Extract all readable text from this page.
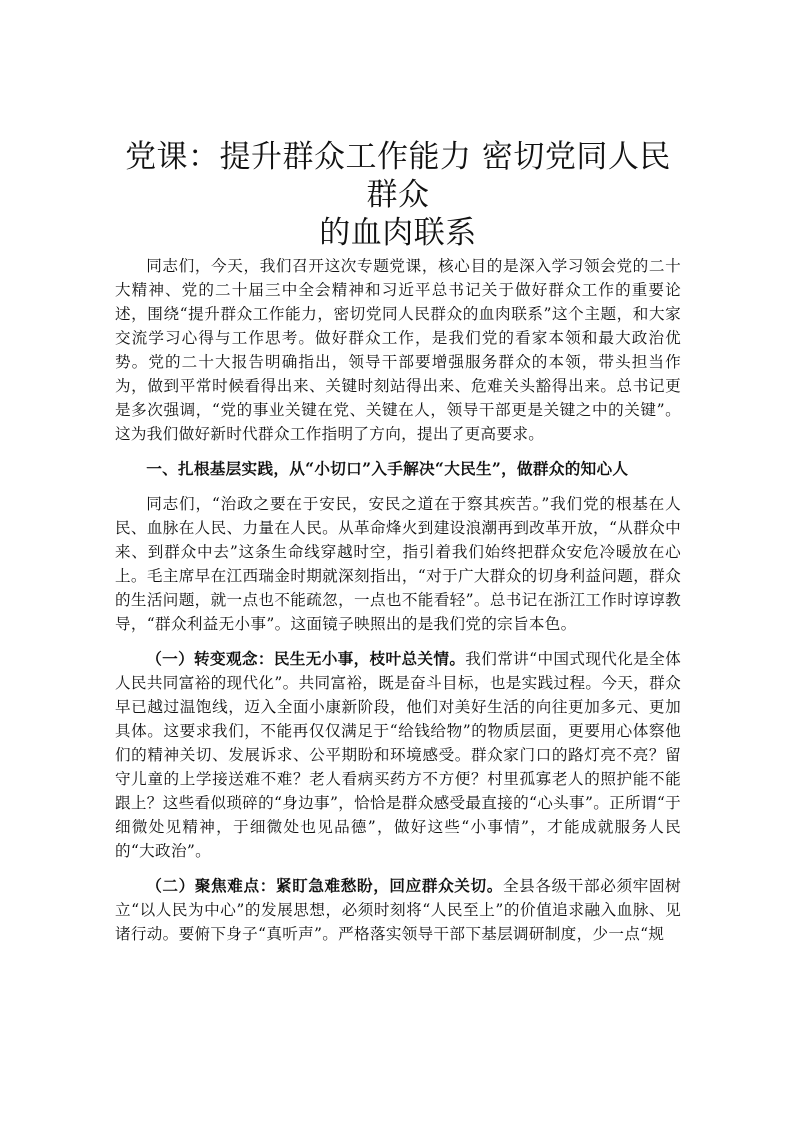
党课：提升群众工作能力 密切党同人民群众
的血肉联系

同志们，今天，我们召开这次专题党课，核心目的是深入学习领会党的二十大精神、党的二十届三中全会精神和习近平总书记关于做好群众工作的重要论述，围绕“提升群众工作能力，密切党同人民群众的血肉联系”这个主题，和大家交流学习心得与工作思考。做好群众工作，是我们党的看家本领和最大政治优势。党的二十大报告明确指出，领导干部要增强服务群众的本领，带头担当作为，做到平常时候看得出来、关键时刻站得出来、危难关头豁得出来。总书记更是多次强调，“党的事业关键在党、关键在人，领导干部更是关键之中的关键”。这为我们做好新时代群众工作指明了方向，提出了更高要求。

一、扎根基层实践，从“小切口”入手解决“大民生”，做群众的知心人

同志们，“治政之要在于安民，安民之道在于察其疾苦。”我们党的根基在人民、血脉在人民、力量在人民。从革命烽火到建设浪潮再到改革开放，“从群众中来、到群众中去”这条生命线穿越时空，指引着我们始终把群众安危冷暖放在心上。毛主席早在江西瑞金时期就深刻指出，“对于广大群众的切身利益问题，群众的生活问题，就一点也不能疏忽，一点也不能看轻”。总书记在浙江工作时谆谆教导，“群众利益无小事”。这面镜子映照出的是我们党的宗旨本色。

（一）转变观念：民生无小事，枝叶总关情。我们常讲“中国式现代化是全体人民共同富裕的现代化”。共同富裕，既是奋斗目标，也是实践过程。今天，群众早已越过温饱线，迈入全面小康新阶段，他们对美好生活的向往更加多元、更加具体。这要求我们，不能再仅仅满足于“给钱给物”的物质层面，更要用心体察他们的精神关切、发展诉求、公平期盼和环境感受。群众家门口的路灯亮不亮？留守儿童的上学接送难不难？老人看病买药方不方便？村里孤寡老人的照护能不能跟上？这些看似琐碎的“身边事”，恰恰是群众感受最直接的“心头事”。正所谓“于细微处见精神，于细微处也见品德”，做好这些“小事情”，才能成就服务人民的“大政治”。

（二）聚焦难点：紧盯急难愁盼，回应群众关切。全县各级干部必须牢固树立“以人民为中心”的发展思想，必须时刻将“人民至上”的价值追求融入血脉、见诸行动。要俯下身子“真听声”。严格落实领导干部下基层调研制度，少一点“规
